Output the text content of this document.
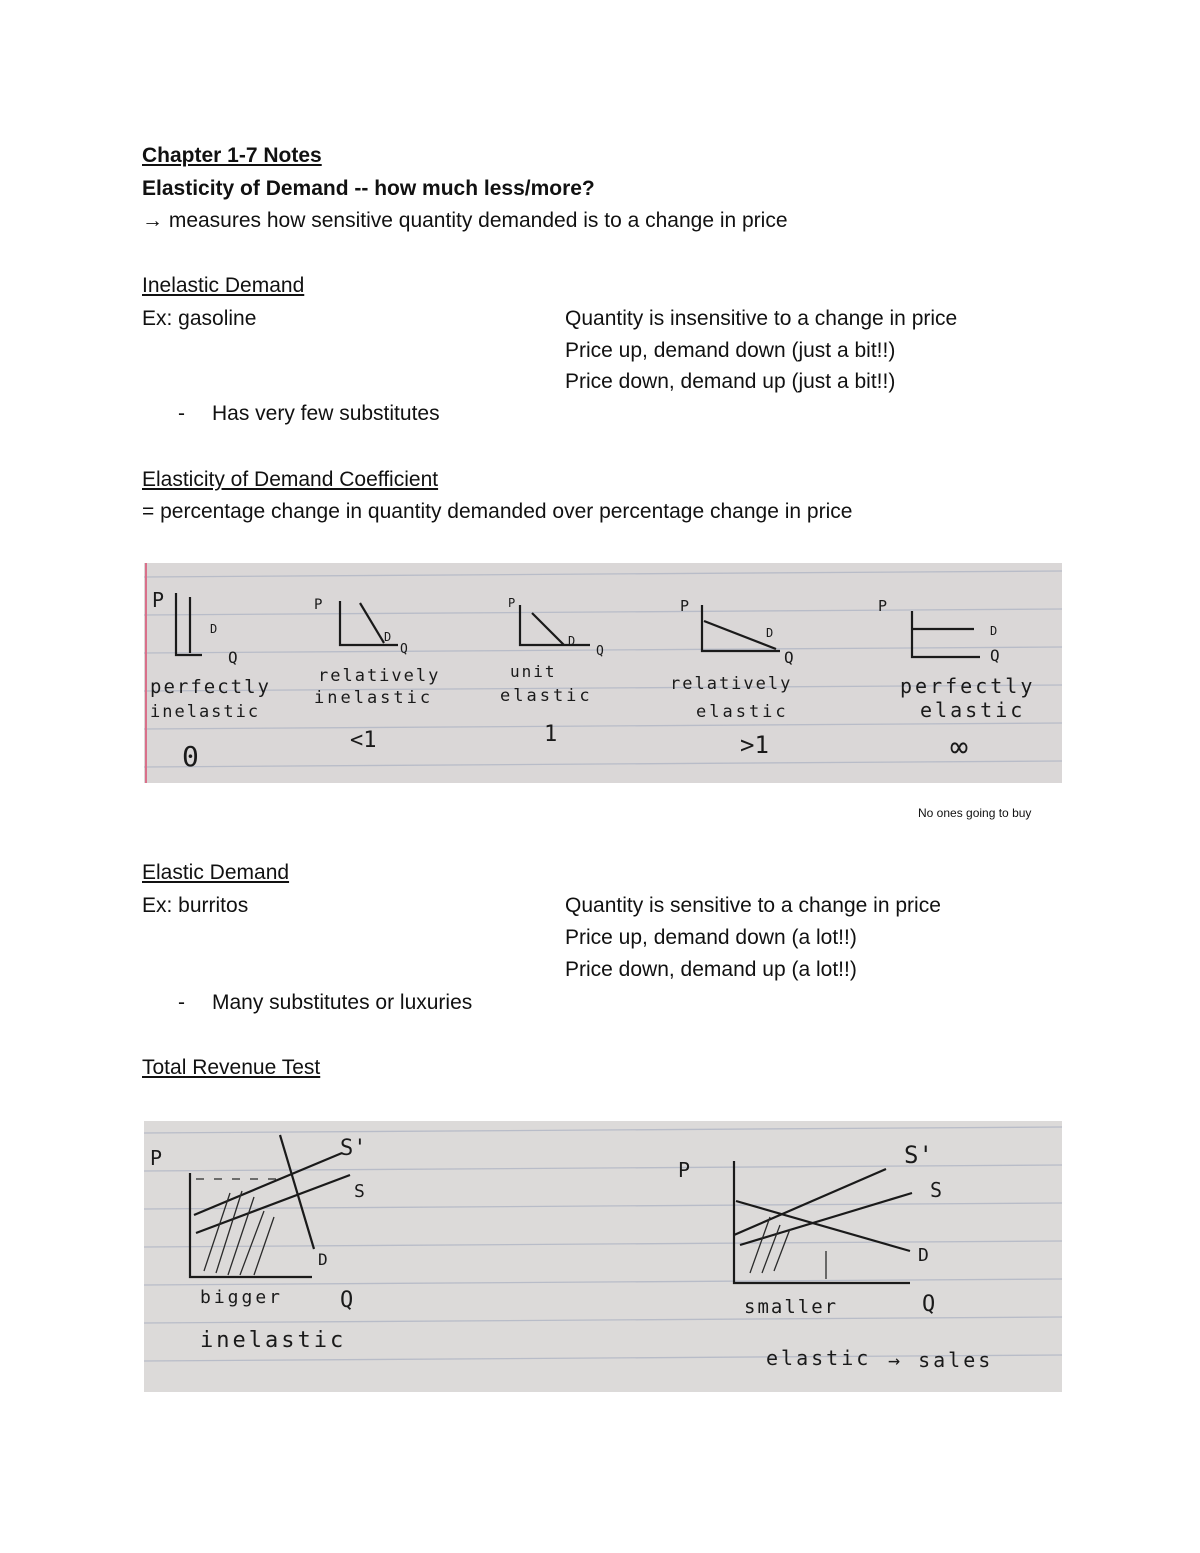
Chapter 1-7 Notes
Elasticity of Demand -- how much less/more?
→ measures how sensitive quantity demanded is to a change in price
Inelastic Demand
Ex: gasoline	Quantity is insensitive to a change in price
Price up, demand down (just a bit!!)
Price down, demand up (just a bit!!)
- Has very few substitutes
Elasticity of Demand Coefficient
= percentage change in quantity demanded over percentage change in price
P
D
Q
perfectly
inelastic
0
P
D
Q
relatively
inelastic
<1
P
D
Q
unit
elastic
1
P
D
Q
relatively
elastic
>1
P
D
Q
perfectly
elastic
∞
No ones going to buy
Elastic Demand
Ex: burritos	Quantity is sensitive to a change in price
Price up, demand down (a lot!!)
Price down, demand up (a lot!!)
- Many substitutes or luxuries
Total Revenue Test
P	S'
S
D
Q
bigger
inelastic
P
S'
S
D
Q
smaller
elastic → sales
